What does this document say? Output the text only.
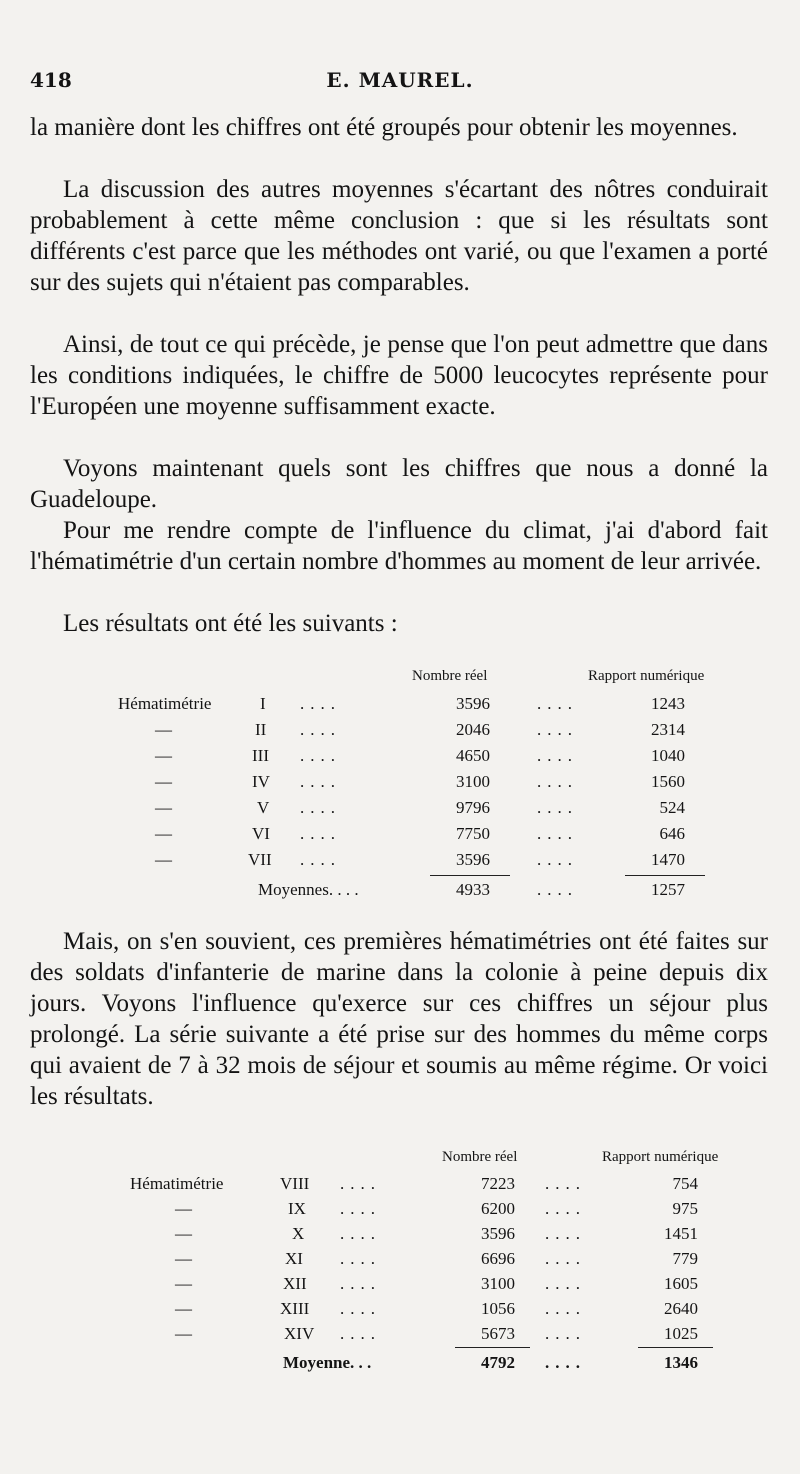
418	E. MAUREL.

la manière dont les chiffres ont été groupés pour obtenir les moyennes.

La discussion des autres moyennes s'écartant des nôtres conduirait probablement à cette même conclusion : que si les résultats sont différents c'est parce que les méthodes ont varié, ou que l'examen a porté sur des sujets qui n'étaient pas comparables.

Ainsi, de tout ce qui précède, je pense que l'on peut admettre que dans les conditions indiquées, le chiffre de 5000 leucocytes représente pour l'Européen une moyenne suffisamment exacte.

Voyons maintenant quels sont les chiffres que nous a donné la Guadeloupe.

Pour me rendre compte de l'influence du climat, j'ai d'abord fait l'hématimétrie d'un certain nombre d'hommes au moment de leur arrivée.

Les résultats ont été les suivants :

Nombre réel	Rapport numérique
Hématimétrie	I ....	3596	....	1243
—	II ....	2046	....	2314
—	III ....	4650	....	1040
—	IV ....	3100	....	1560
—	V ....	9796	....	524
—	VI ....	7750	....	646
—	VII ....	3596	....	1470
Moyennes. . . .	4933	....	1257

Mais, on s'en souvient, ces premières hématimétries ont été faites sur des soldats d'infanterie de marine dans la colonie à peine depuis dix jours. Voyons l'influence qu'exerce sur ces chiffres un séjour plus prolongé. La série suivante a été prise sur des hommes du même corps qui avaient de 7 à 32 mois de séjour et soumis au même régime. Or voici les résultats.

Nombre réel	Rapport numérique
Hématimétrie	VIII ....	7223 ....	754
—	IX ....	6200 ....	975
—	X ....	3596 ....	1451
—	XI ....	6696 ....	779
—	XII ....	3100 ....	1605
—	XIII ....	1056 ....	2640
—	XIV ....	5673 ....	1025
Moyenne. . .	4792 ....	1346
